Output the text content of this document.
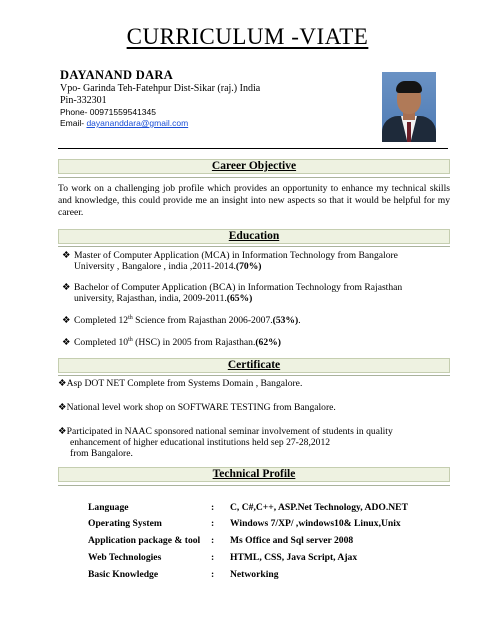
CURRICULUM -VIATE
DAYANAND DARA
Vpo- Garinda Teh-Fatehpur Dist-Sikar (raj.) India
Pin-332301
Phone- 00971559541345
Email- dayananddara@gmail.com
Career Objective
To work on a challenging job profile which provides an opportunity to enhance my technical skills and knowledge, this could provide me an insight into new aspects so that it would be helpful for my career.
Education
❖ Master of Computer Application (MCA) in Information Technology from Bangalore
University , Bangalore , india ,2011-2014.(70%)
❖ Bachelor of Computer Application (BCA) in Information Technology from Rajasthan
university, Rajasthan, india, 2009-2011.(65%)
❖ Completed 12th Science from Rajasthan 2006-2007.(53%).
❖ Completed 10th (HSC) in 2005 from Rajasthan.(62%)
Certificate
❖Asp DOT NET Complete from Systems Domain , Bangalore.
❖National level work shop on SOFTWARE TESTING from Bangalore.
❖Participated in NAAC sponsored national seminar involvement of students in quality
enhancement of higher educational institutions held sep 27-28,2012
from Bangalore.
Technical Profile
Language	: C, C#,C++, ASP.Net Technology, ADO.NET
Operating System	: Windows 7/XP/ ,windows10& Linux,Unix
Application package & tool : Ms Office and Sql server 2008
Web Technologies	: HTML, CSS, Java Script, Ajax
Basic Knowledge	: Networking
